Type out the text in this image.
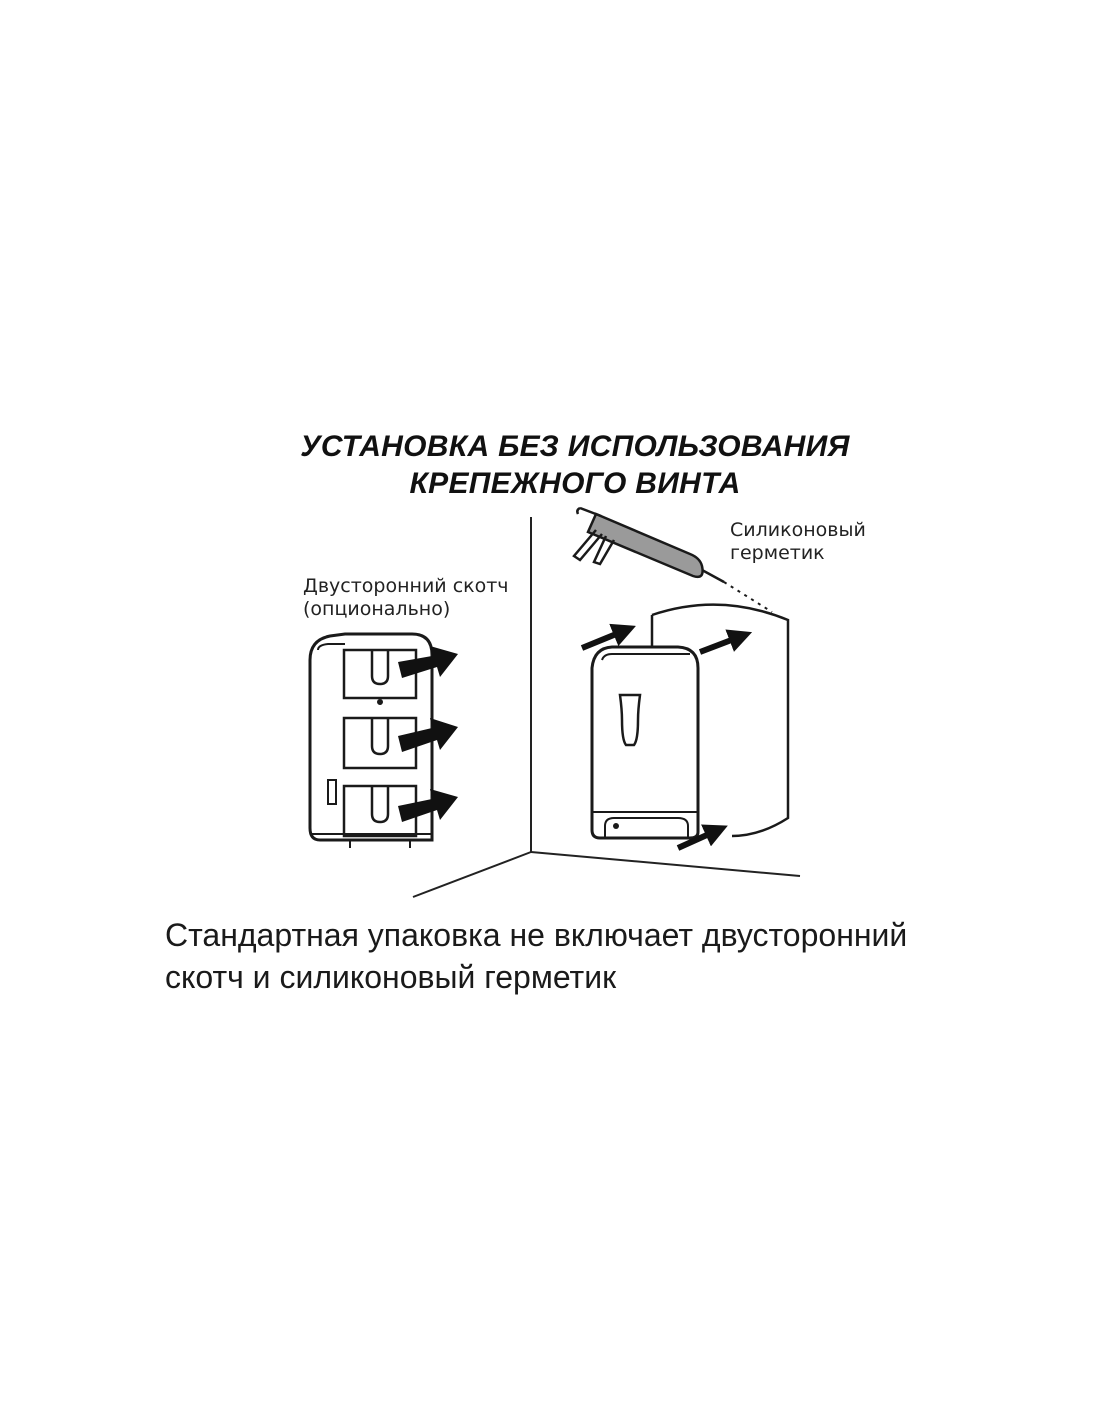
УСТАНОВКА БЕЗ ИСПОЛЬЗОВАНИЯ
КРЕПЕЖНОГО ВИНТА
Двусторонний скотч
(опционально)
Силиконовый
герметик
Стандартная упаковка не включает двусторонний
скотч и силиконовый герметик
